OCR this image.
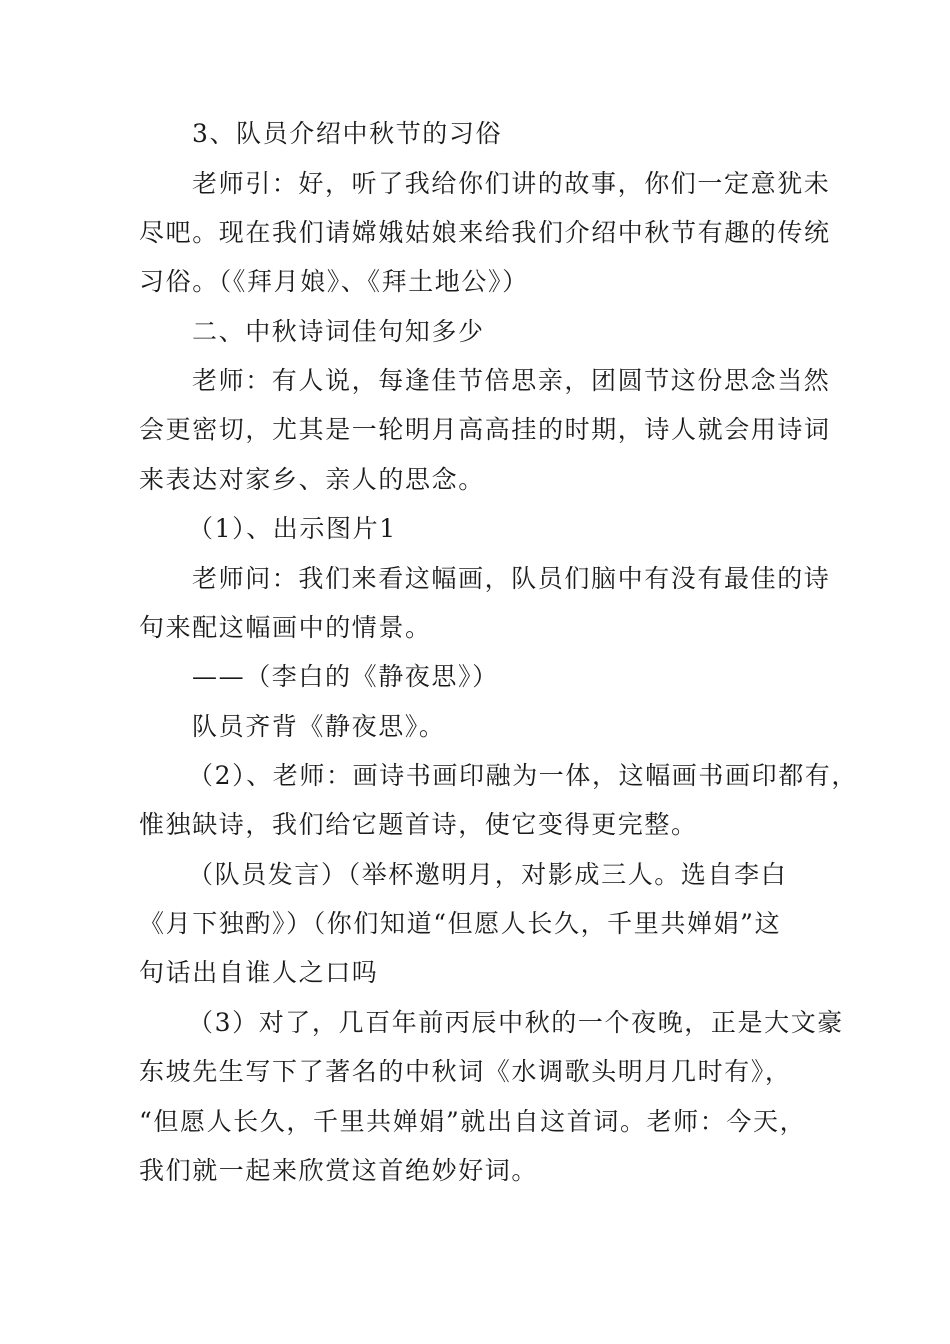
3、队员介绍中秋节的习俗
老师引：好，听了我给你们讲的故事，你们一定意犹未
尽吧。现在我们请嫦娥姑娘来给我们介绍中秋节有趣的传统
习俗。（《拜月娘》、《拜土地公》）
二、中秋诗词佳句知多少
老师：有人说，每逢佳节倍思亲，团圆节这份思念当然
会更密切，尤其是一轮明月高高挂的时期，诗人就会用诗词
来表达对家乡、亲人的思念。
（1）、出示图片1
老师问：我们来看这幅画，队员们脑中有没有最佳的诗
句来配这幅画中的情景。
——（李白的《静夜思》）
队员齐背《静夜思》。
（2）、老师：画诗书画印融为一体，这幅画书画印都有，
惟独缺诗，我们给它题首诗，使它变得更完整。
（队员发言）（举杯邀明月，对影成三人。选自李白
《月下独酌》）（你们知道“但愿人长久，千里共婵娟”这
句话出自谁人之口吗
（3）对了，几百年前丙辰中秋的一个夜晚，正是大文豪
东坡先生写下了著名的中秋词《水调歌头明月几时有》，
“但愿人长久，千里共婵娟”就出自这首词。老师：今天，
我们就一起来欣赏这首绝妙好词。
